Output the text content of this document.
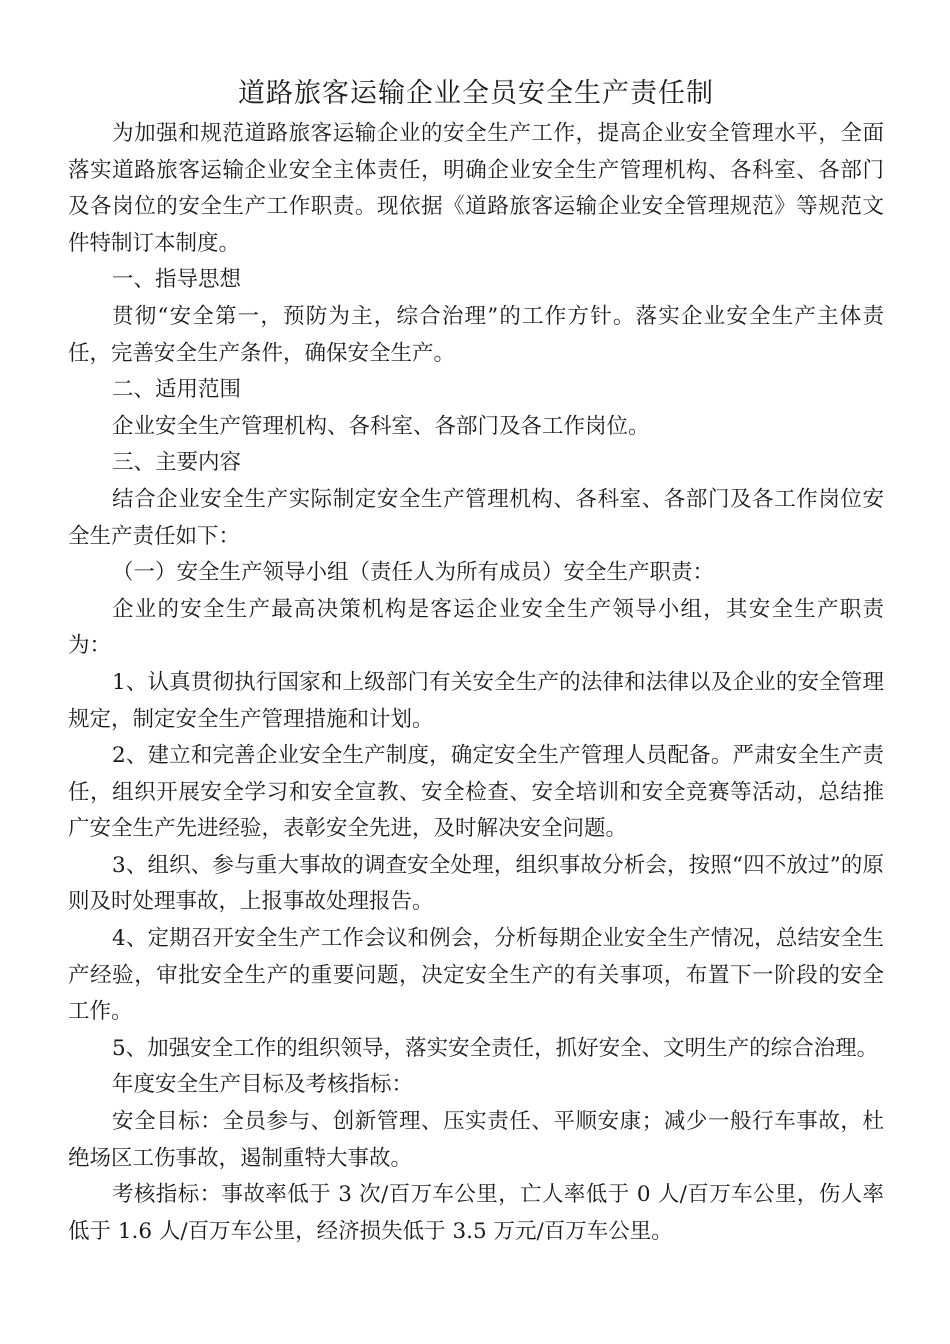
道路旅客运输企业全员安全生产责任制

为加强和规范道路旅客运输企业的安全生产工作，提高企业安全管理水平，全面落实道路旅客运输企业安全主体责任，明确企业安全生产管理机构、各科室、各部门及各岗位的安全生产工作职责。现依据《道路旅客运输企业安全管理规范》等规范文件特制订本制度。

一、指导思想

贯彻“安全第一，预防为主，综合治理”的工作方针。落实企业安全生产主体责任，完善安全生产条件，确保安全生产。

二、适用范围

企业安全生产管理机构、各科室、各部门及各工作岗位。

三、主要内容

结合企业安全生产实际制定安全生产管理机构、各科室、各部门及各工作岗位安全生产责任如下：

（一）安全生产领导小组（责任人为所有成员）安全生产职责：

企业的安全生产最高决策机构是客运企业安全生产领导小组，其安全生产职责为：

1、认真贯彻执行国家和上级部门有关安全生产的法律和法律以及企业的安全管理规定，制定安全生产管理措施和计划。

2、建立和完善企业安全生产制度，确定安全生产管理人员配备。严肃安全生产责任，组织开展安全学习和安全宣教、安全检查、安全培训和安全竞赛等活动，总结推广安全生产先进经验，表彰安全先进，及时解决安全问题。

3、组织、参与重大事故的调查安全处理，组织事故分析会，按照“四不放过”的原则及时处理事故，上报事故处理报告。

4、定期召开安全生产工作会议和例会，分析每期企业安全生产情况，总结安全生产经验，审批安全生产的重要问题，决定安全生产的有关事项，布置下一阶段的安全工作。

5、加强安全工作的组织领导，落实安全责任，抓好安全、文明生产的综合治理。

年度安全生产目标及考核指标：

安全目标：全员参与、创新管理、压实责任、平顺安康；减少一般行车事故，杜绝场区工伤事故，遏制重特大事故。

考核指标：事故率低于 3 次/百万车公里，亡人率低于 0 人/百万车公里，伤人率低于 1.6 人/百万车公里，经济损失低于 3.5 万元/百万车公里。
